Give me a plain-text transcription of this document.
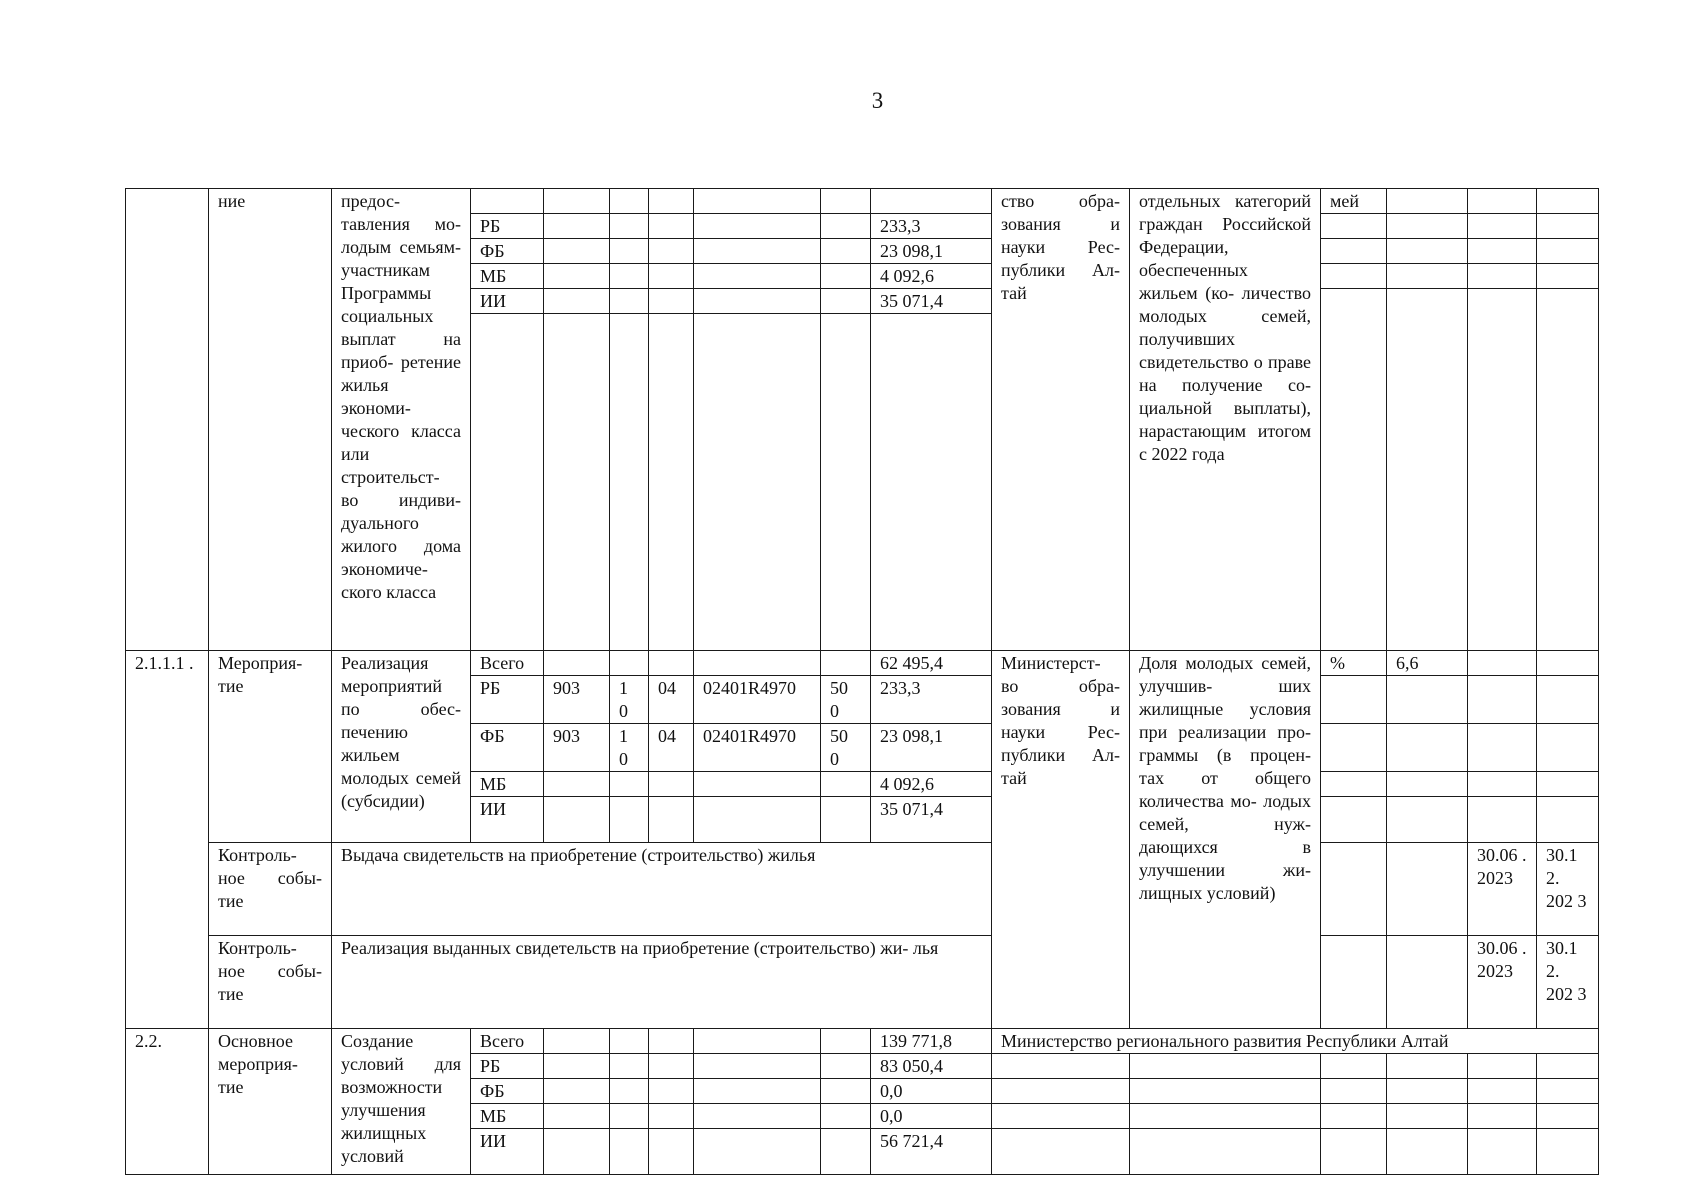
3
	ние	предос- тавления мо- лодым семьям- участникам Программы социальных выплат на приоб- ретение жилья экономи- ческого класса или строительст- во индиви- дуального жилого дома экономиче- ского класса								ство обра- зования и науки Рес- публики Ал- тай	отдельных категорий граждан Российской Федерации, обеспеченных жильем (ко- личество молодых семей, получивших свидетельство о праве на получение со- циальной выплаты), нарастающим итогом с 2022 года	мей			
			РБ						233,3						
			ФБ						23 098,1						
			МБ						4 092,6						
			ИИ						35 071,4						

2.1.1.1 .	Мероприя- тие	Реализация мероприятий по обес- печению жильем молодых семей (субсидии)	Всего						62 495,4	Министерст- во обра- зования и науки Рес- публики Ал- тай	Доля молодых семей, улучшив- ших жилищные условия при реализации про- граммы (в процен- тах от общего количества мо- лодых семей, нуж- дающихся в улучшении жи- лищных условий)	%	6,6		
			РБ	903	1 0	04	02401R4970	50 0	233,3						
			ФБ	903	1 0	04	02401R4970	50 0	23 098,1						
			МБ						4 092,6						
			ИИ						35 071,4						
	Контроль- ное собы- тие	Выдача свидетельств на приобретение (строительство) жилья												30.06 . 2023	30.1 2. 202 3

	Контроль- ное собы- тие	Реализация выданных свидетельств на приобретение (строительство) жи- лья												30.06 . 2023	30.1 2. 202 3

2.2.	Основное мероприя- тие	Создание условий для возможности улучшения жилищных условий	Всего						139 771,8	Министерство регионального развития Республики Алтай					
			РБ						83 050,4						
			ФБ						0,0						
			МБ						0,0						
			ИИ						56 721,4						
